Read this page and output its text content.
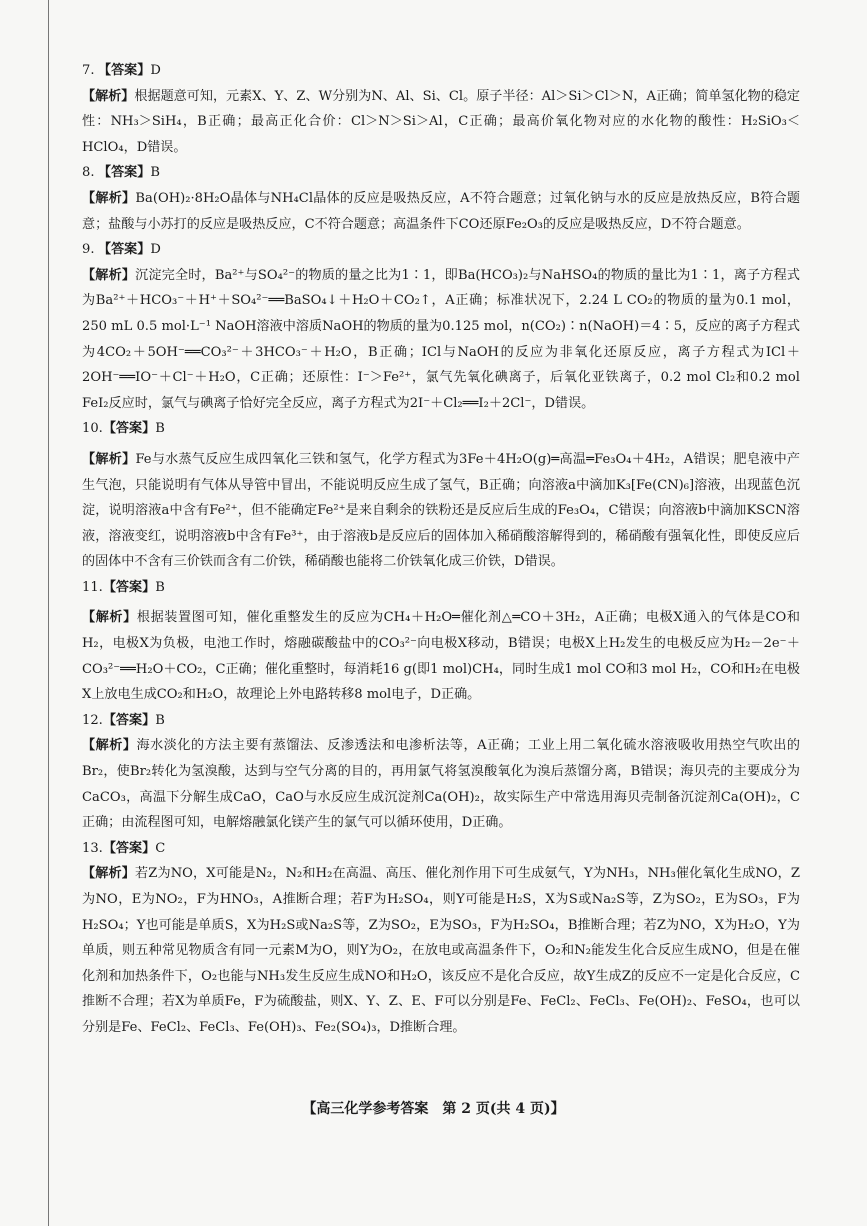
7. 【答案】D
【解析】根据题意可知，元素X、Y、Z、W分别为N、Al、Si、Cl。原子半径：Al＞Si＞Cl＞N，A正确；简单氢化物的稳定性：NH₃＞SiH₄，B正确；最高正化合价：Cl＞N＞Si＞Al，C正确；最高价氧化物对应的水化物的酸性：H₂SiO₃＜HClO₄，D错误。
8. 【答案】B
【解析】Ba(OH)₂·8H₂O晶体与NH₄Cl晶体的反应是吸热反应，A不符合题意；过氧化钠与水的反应是放热反应，B符合题意；盐酸与小苏打的反应是吸热反应，C不符合题意；高温条件下CO还原Fe₂O₃的反应是吸热反应，D不符合题意。
9. 【答案】D
【解析】沉淀完全时，Ba²⁺与SO₄²⁻的物质的量之比为1∶1，即Ba(HCO₃)₂与NaHSO₄的物质的量比为1∶1，离子方程式为Ba²⁺＋HCO₃⁻＋H⁺＋SO₄²⁻══BaSO₄↓＋H₂O＋CO₂↑，A正确；标准状况下，2.24 L CO₂的物质的量为0.1 mol，250 mL 0.5 mol·L⁻¹ NaOH溶液中溶质NaOH的物质的量为0.125 mol，n(CO₂)∶n(NaOH)＝4∶5，反应的离子方程式为4CO₂＋5OH⁻══CO₃²⁻＋3HCO₃⁻＋H₂O，B正确；ICl与NaOH的反应为非氧化还原反应，离子方程式为ICl＋2OH⁻══IO⁻＋Cl⁻＋H₂O，C正确；还原性：I⁻＞Fe²⁺，氯气先氧化碘离子，后氧化亚铁离子，0.2 mol Cl₂和0.2 mol FeI₂反应时，氯气与碘离子恰好完全反应，离子方程式为2I⁻＋Cl₂══I₂＋2Cl⁻，D错误。
10.【答案】B
【解析】Fe与水蒸气反应生成四氧化三铁和氢气，化学方程式为3Fe＋4H₂O(g)═高温═Fe₃O₄＋4H₂，A错误；肥皂液中产生气泡，只能说明有气体从导管中冒出，不能说明反应生成了氢气，B正确；向溶液a中滴加K₃[Fe(CN)₆]溶液，出现蓝色沉淀，说明溶液a中含有Fe²⁺，但不能确定Fe²⁺是来自剩余的铁粉还是反应后生成的Fe₃O₄，C错误；向溶液b中滴加KSCN溶液，溶液变红，说明溶液b中含有Fe³⁺，由于溶液b是反应后的固体加入稀硝酸溶解得到的，稀硝酸有强氧化性，即使反应后的固体中不含有三价铁而含有二价铁，稀硝酸也能将二价铁氧化成三价铁，D错误。
11.【答案】B
【解析】根据装置图可知，催化重整发生的反应为CH₄＋H₂O═催化剂△═CO＋3H₂，A正确；电极X通入的气体是CO和H₂，电极X为负极，电池工作时，熔融碳酸盐中的CO₃²⁻向电极X移动，B错误；电极X上H₂发生的电极反应为H₂－2e⁻＋CO₃²⁻══H₂O＋CO₂，C正确；催化重整时，每消耗16 g(即1 mol)CH₄，同时生成1 mol CO和3 mol H₂，CO和H₂在电极X上放电生成CO₂和H₂O，故理论上外电路转移8 mol电子，D正确。
12.【答案】B
【解析】海水淡化的方法主要有蒸馏法、反渗透法和电渗析法等，A正确；工业上用二氧化硫水溶液吸收用热空气吹出的Br₂，使Br₂转化为氢溴酸，达到与空气分离的目的，再用氯气将氢溴酸氧化为溴后蒸馏分离，B错误；海贝壳的主要成分为CaCO₃，高温下分解生成CaO，CaO与水反应生成沉淀剂Ca(OH)₂，故实际生产中常选用海贝壳制备沉淀剂Ca(OH)₂，C正确；由流程图可知，电解熔融氯化镁产生的氯气可以循环使用，D正确。
13.【答案】C
【解析】若Z为NO，X可能是N₂，N₂和H₂在高温、高压、催化剂作用下可生成氨气，Y为NH₃，NH₃催化氧化生成NO，Z为NO，E为NO₂，F为HNO₃，A推断合理；若F为H₂SO₄，则Y可能是H₂S，X为S或Na₂S等，Z为SO₂，E为SO₃，F为H₂SO₄；Y也可能是单质S，X为H₂S或Na₂S等，Z为SO₂，E为SO₃，F为H₂SO₄，B推断合理；若Z为NO，X为H₂O，Y为单质，则五种常见物质含有同一元素M为O，则Y为O₂，在放电或高温条件下，O₂和N₂能发生化合反应生成NO，但是在催化剂和加热条件下，O₂也能与NH₃发生反应生成NO和H₂O，该反应不是化合反应，故Y生成Z的反应不一定是化合反应，C推断不合理；若X为单质Fe，F为硫酸盐，则X、Y、Z、E、F可以分别是Fe、FeCl₂、FeCl₃、Fe(OH)₂、FeSO₄，也可以分别是Fe、FeCl₂、FeCl₃、Fe(OH)₃、Fe₂(SO₄)₃，D推断合理。
【高三化学参考答案　第 2 页(共 4 页)】
